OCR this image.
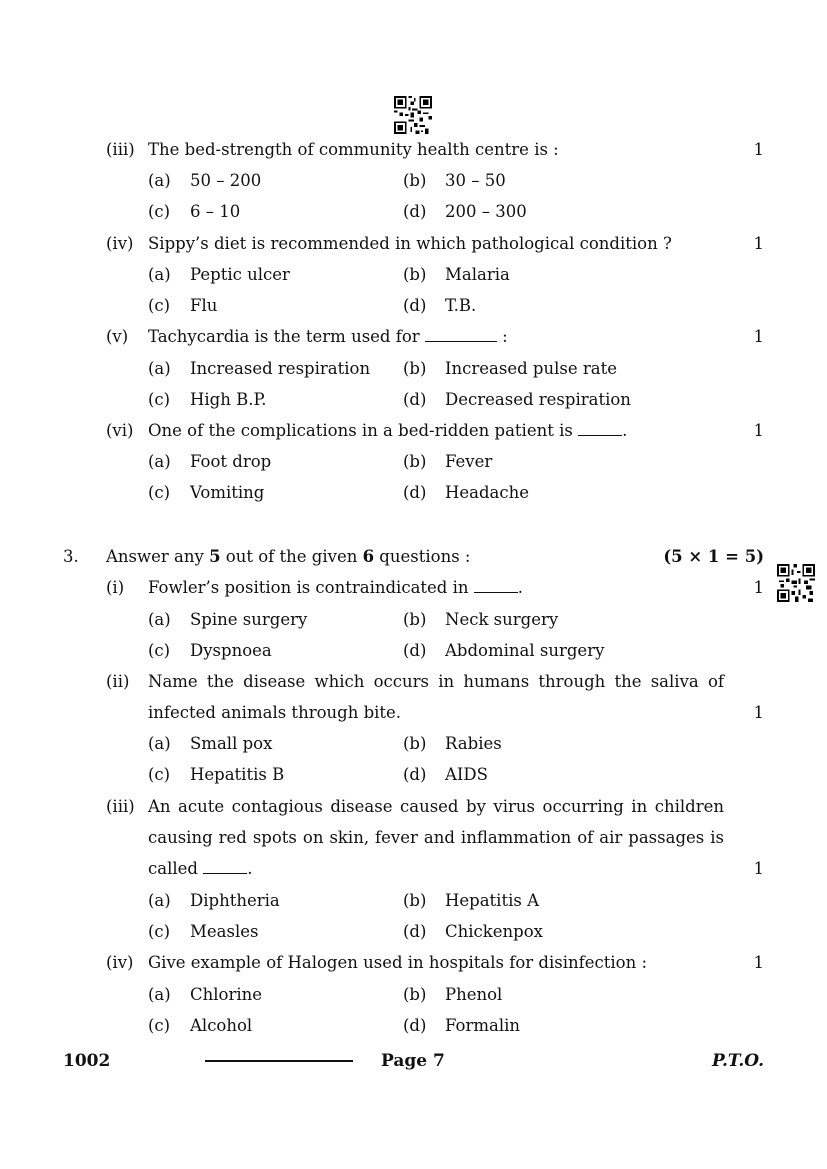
(iii) The bed-strength of community health centre is :	1
(a) 50 – 200	(b) 30 – 50
(c) 6 – 10	(d) 200 – 300
(iv) Sippy’s diet is recommended in which pathological condition ?	1
(a) Peptic ulcer	(b) Malaria
(c) Flu	(d) T.B.
(v) Tachycardia is the term used for	:	1
(a) Increased respiration (b) Increased pulse rate
(c) High B.P.	(d) Decreased respiration
(vi) One of the complications in a bed-ridden patient is	.	1
(a) Foot drop	(b) Fever
(c) Vomiting	(d) Headache
3. Answer any 5 out of the given 6 questions :	(5 × 1 = 5)
(i) Fowler’s position is contraindicated in	.	1
(a) Spine surgery	(b) Neck surgery
(c) Dyspnoea	(d) Abdominal surgery
(ii) Name the disease which occurs in humans through the saliva of
infected animals through bite.	1
(a) Small pox	(b) Rabies
(c) Hepatitis B	(d) AIDS
(iii) An acute contagious disease caused by virus occurring in children
causing red spots on skin, fever and inflammation of air passages is
called	.	1
(a) Diphtheria	(b) Hepatitis A
(c) Measles	(d) Chickenpox
(iv) Give example of Halogen used in hospitals for disinfection :	1
(a) Chlorine	(b) Phenol
(c) Alcohol	(d) Formalin
1002	Page 7	P.T.O.
